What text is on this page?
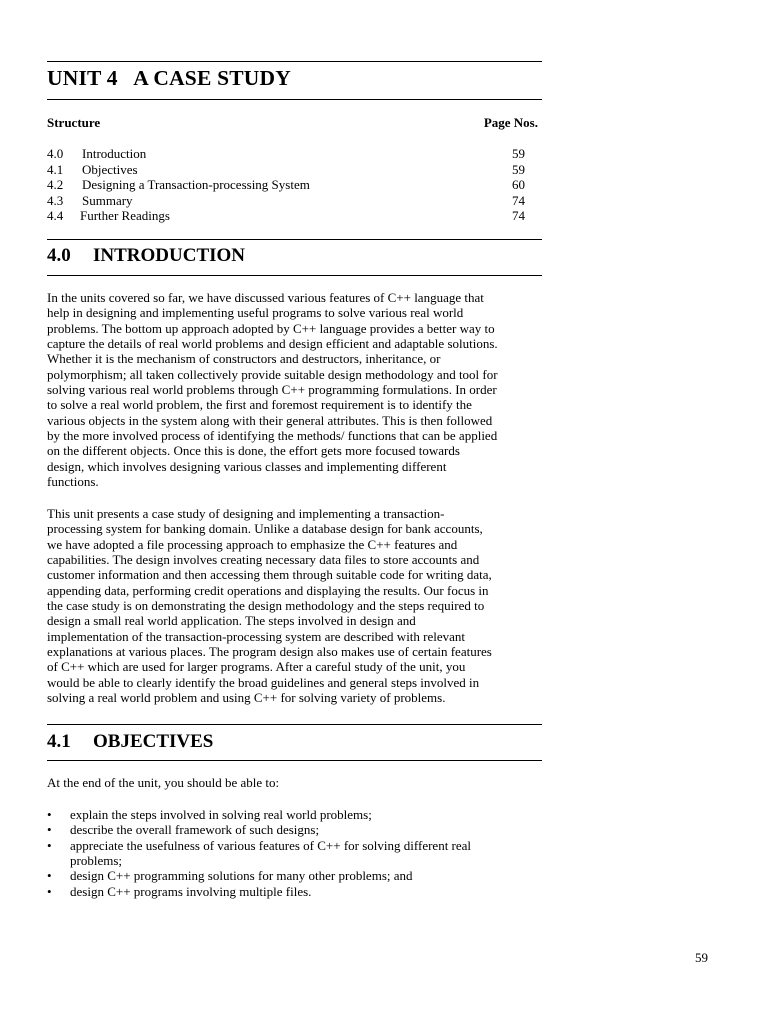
UNIT 4   A CASE STUDY
Structure	Page Nos.
4.0 Introduction	59
4.1 Objectives	59
4.2 Designing a Transaction-processing System	60
4.3 Summary	74
4.4 Further Readings	74
4.0 INTRODUCTION
In the units covered so far, we have discussed various features of C++ language that
help in designing and implementing useful programs to solve various real world
problems. The bottom up approach adopted by C++ language provides a better way to
capture the details of real world problems and design efficient and adaptable solutions.
Whether it is the mechanism of constructors and destructors, inheritance, or
polymorphism; all taken collectively provide suitable design methodology and tool for
solving various real world problems through C++ programming formulations. In order
to solve a real world problem, the first and foremost requirement is to identify the
various objects in the system along with their general attributes. This is then followed
by the more involved process of identifying the methods/ functions that can be applied
on the different objects. Once this is done, the effort gets more focused towards
design, which involves designing various classes and implementing different
functions.
This unit presents a case study of designing and implementing a transaction-
processing system for banking domain. Unlike a database design for bank accounts,
we have adopted a file processing approach to emphasize the C++ features and
capabilities. The design involves creating necessary data files to store accounts and
customer information and then accessing them through suitable code for writing data,
appending data, performing credit operations and displaying the results. Our focus in
the case study is on demonstrating the design methodology and the steps required to
design a small real world application. The steps involved in design and
implementation of the transaction-processing system are described with relevant
explanations at various places. The program design also makes use of certain features
of C++ which are used for larger programs. After a careful study of the unit, you
would be able to clearly identify the broad guidelines and general steps involved in
solving a real world problem and using C++ for solving variety of problems.
4.1 OBJECTIVES
At the end of the unit, you should be able to:
• explain the steps involved in solving real world problems;
• describe the overall framework of such designs;
• appreciate the usefulness of various features of C++ for solving different real
problems;
• design C++ programming solutions for many other problems; and
• design C++ programs involving multiple files.
59
